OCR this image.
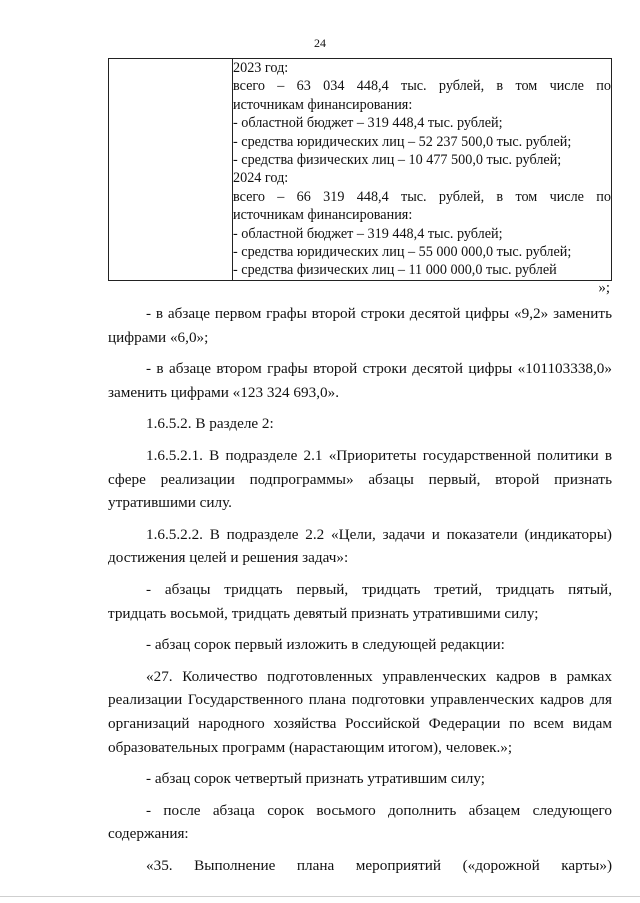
24

2023 год:
всего – 63 034 448,4 тыс. рублей, в том числе по
источникам финансирования:
- областной бюджет – 319 448,4 тыс. рублей;
- средства юридических лиц – 52 237 500,0 тыс. рублей;
- средства физических лиц – 10 477 500,0 тыс. рублей;
2024 год:
всего – 66 319 448,4 тыс. рублей, в том числе по
источникам финансирования:
- областной бюджет – 319 448,4 тыс. рублей;
- средства юридических лиц – 55 000 000,0 тыс. рублей;
- средства физических лиц – 11 000 000,0 тыс. рублей
»;

- в абзаце первом графы второй строки десятой цифры «9,2» заменить

цифрами «6,0»;

- в абзаце втором графы второй строки десятой цифры «101103338,0»

заменить цифрами «123 324 693,0».

1.6.5.2. В разделе 2:

1.6.5.2.1. В подразделе 2.1 «Приоритеты государственной политики в

сфере реализации подпрограммы» абзацы первый, второй признать

утратившими силу.

1.6.5.2.2. В подразделе 2.2 «Цели, задачи и показатели (индикаторы)

достижения целей и решения задач»:

- абзацы тридцать первый, тридцать третий, тридцать пятый,

тридцать восьмой, тридцать девятый признать утратившими силу;

- абзац сорок первый изложить в следующей редакции:

«27. Количество подготовленных управленческих кадров в рамках

реализации Государственного плана подготовки управленческих кадров для

организаций народного хозяйства Российской Федерации по всем видам

образовательных программ (нарастающим итогом), человек.»;

- абзац сорок четвертый признать утратившим силу;

- после абзаца сорок восьмого дополнить абзацем следующего

содержания:

«35. Выполнение плана мероприятий («дорожной карты»)
